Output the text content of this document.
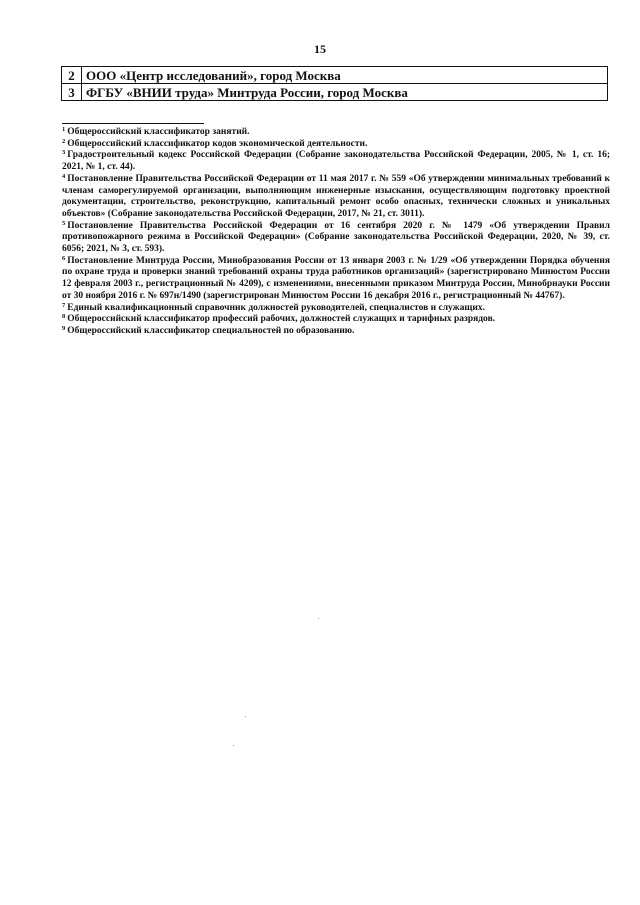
15
2	ООО «Центр исследований», город Москва
3	ФГБУ «ВНИИ труда» Минтруда России, город Москва

$^1$ Общероссийский классификатор занятий.

$^2$ Общероссийский классификатор кодов экономической деятельности.

$^3$ Градостроительный кодекс Российской Федерации (Собрание законодательства Российской Федерации, 2005, № 1, ст. 16; 2021, № 1, ст. 44).

$^4$ Постановление Правительства Российской Федерации от 11 мая 2017 г. № 559 «Об утверждении минимальных требований к членам саморегулируемой организации, выполняющим инженерные изыскания, осуществляющим подготовку проектной документации, строительство, реконструкцию, капитальный ремонт особо опасных, технически сложных и уникальных объектов» (Собрание законодательства Российской Федерации, 2017, № 21, ст. 3011).

$^5$ Постановление Правительства Российской Федерации от 16 сентября 2020 г. № 1479 «Об утверждении Правил противопожарного режима в Российской Федерации» (Собрание законодательства Российской Федерации, 2020, № 39, ст. 6056; 2021, № 3, ст. 593).

$^6$ Постановление Минтруда России, Минобразования России от 13 января 2003 г. № 1/29 «Об утверждении Порядка обучения по охране труда и проверки знаний требований охраны труда работников организаций» (зарегистрировано Минюстом России 12 февраля 2003 г., регистрационный № 4209), с изменениями, внесенными приказом Минтруда России, Минобрнауки России от 30 ноября 2016 г. № 697н/1490 (зарегистрирован Минюстом России 16 декабря 2016 г., регистрационный № 44767).

$^7$ Единый квалификационный справочник должностей руководителей, специалистов и служащих.

$^8$ Общероссийский классификатор профессий рабочих, должностей служащих и тарифных разрядов.

$^9$ Общероссийский классификатор специальностей по образованию.
